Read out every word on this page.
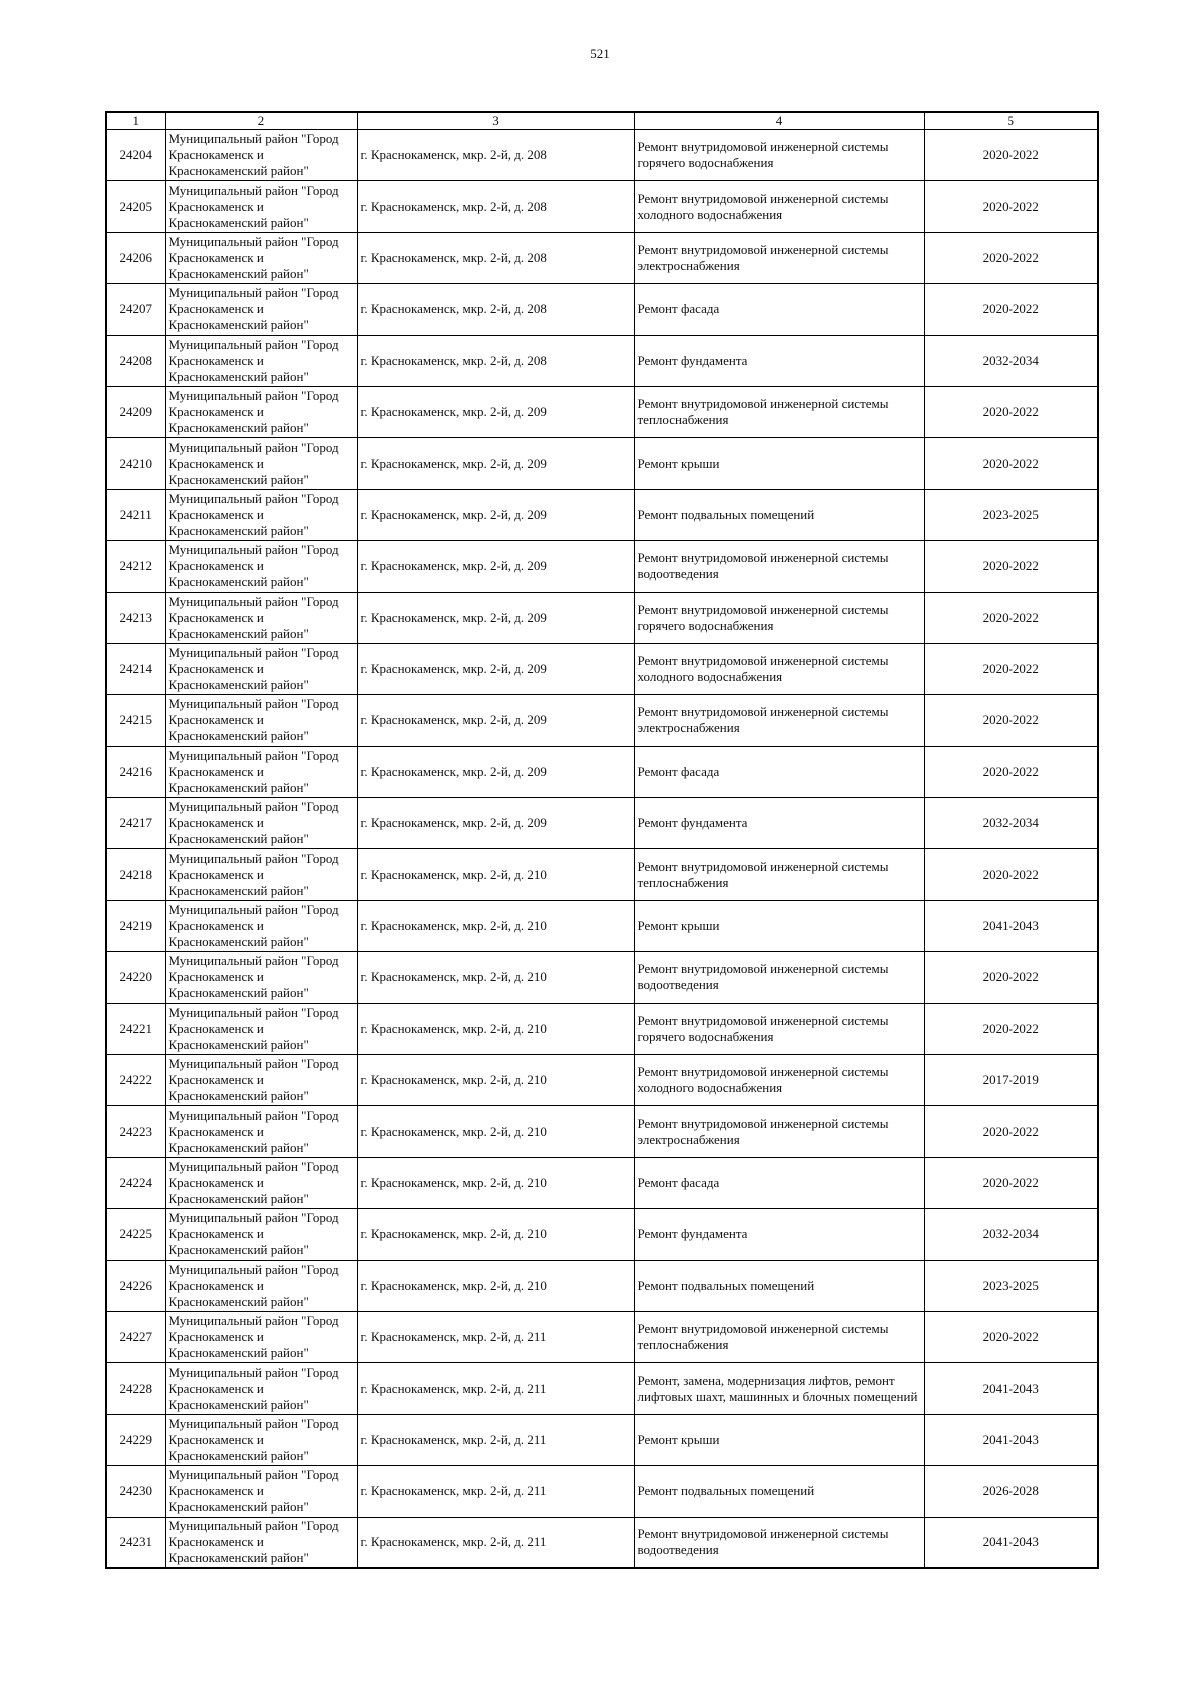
521
1	2	3	4	5
24204	Муниципальный район "Город
Краснокаменск и
Краснокаменский район"	г. Краснокаменск, мкр. 2-й, д. 208	Ремонт внутридомовой инженерной системы
горячего водоснабжения	2020-2022
24205	Муниципальный район "Город
Краснокаменск и
Краснокаменский район"	г. Краснокаменск, мкр. 2-й, д. 208	Ремонт внутридомовой инженерной системы
холодного водоснабжения	2020-2022
24206	Муниципальный район "Город
Краснокаменск и
Краснокаменский район"	г. Краснокаменск, мкр. 2-й, д. 208	Ремонт внутридомовой инженерной системы
электроснабжения	2020-2022
24207	Муниципальный район "Город
Краснокаменск и
Краснокаменский район"	г. Краснокаменск, мкр. 2-й, д. 208	Ремонт фасада	2020-2022
24208	Муниципальный район "Город
Краснокаменск и
Краснокаменский район"	г. Краснокаменск, мкр. 2-й, д. 208	Ремонт фундамента	2032-2034
24209	Муниципальный район "Город
Краснокаменск и
Краснокаменский район"	г. Краснокаменск, мкр. 2-й, д. 209	Ремонт внутридомовой инженерной системы
теплоснабжения	2020-2022
24210	Муниципальный район "Город
Краснокаменск и
Краснокаменский район"	г. Краснокаменск, мкр. 2-й, д. 209	Ремонт крыши	2020-2022
24211	Муниципальный район "Город
Краснокаменск и
Краснокаменский район"	г. Краснокаменск, мкр. 2-й, д. 209	Ремонт подвальных помещений	2023-2025
24212	Муниципальный район "Город
Краснокаменск и
Краснокаменский район"	г. Краснокаменск, мкр. 2-й, д. 209	Ремонт внутридомовой инженерной системы
водоотведения	2020-2022
24213	Муниципальный район "Город
Краснокаменск и
Краснокаменский район"	г. Краснокаменск, мкр. 2-й, д. 209	Ремонт внутридомовой инженерной системы
горячего водоснабжения	2020-2022
24214	Муниципальный район "Город
Краснокаменск и
Краснокаменский район"	г. Краснокаменск, мкр. 2-й, д. 209	Ремонт внутридомовой инженерной системы
холодного водоснабжения	2020-2022
24215	Муниципальный район "Город
Краснокаменск и
Краснокаменский район"	г. Краснокаменск, мкр. 2-й, д. 209	Ремонт внутридомовой инженерной системы
электроснабжения	2020-2022
24216	Муниципальный район "Город
Краснокаменск и
Краснокаменский район"	г. Краснокаменск, мкр. 2-й, д. 209	Ремонт фасада	2020-2022
24217	Муниципальный район "Город
Краснокаменск и
Краснокаменский район"	г. Краснокаменск, мкр. 2-й, д. 209	Ремонт фундамента	2032-2034
24218	Муниципальный район "Город
Краснокаменск и
Краснокаменский район"	г. Краснокаменск, мкр. 2-й, д. 210	Ремонт внутридомовой инженерной системы
теплоснабжения	2020-2022
24219	Муниципальный район "Город
Краснокаменск и
Краснокаменский район"	г. Краснокаменск, мкр. 2-й, д. 210	Ремонт крыши	2041-2043
24220	Муниципальный район "Город
Краснокаменск и
Краснокаменский район"	г. Краснокаменск, мкр. 2-й, д. 210	Ремонт внутридомовой инженерной системы
водоотведения	2020-2022
24221	Муниципальный район "Город
Краснокаменск и
Краснокаменский район"	г. Краснокаменск, мкр. 2-й, д. 210	Ремонт внутридомовой инженерной системы
горячего водоснабжения	2020-2022
24222	Муниципальный район "Город
Краснокаменск и
Краснокаменский район"	г. Краснокаменск, мкр. 2-й, д. 210	Ремонт внутридомовой инженерной системы
холодного водоснабжения	2017-2019
24223	Муниципальный район "Город
Краснокаменск и
Краснокаменский район"	г. Краснокаменск, мкр. 2-й, д. 210	Ремонт внутридомовой инженерной системы
электроснабжения	2020-2022
24224	Муниципальный район "Город
Краснокаменск и
Краснокаменский район"	г. Краснокаменск, мкр. 2-й, д. 210	Ремонт фасада	2020-2022
24225	Муниципальный район "Город
Краснокаменск и
Краснокаменский район"	г. Краснокаменск, мкр. 2-й, д. 210	Ремонт фундамента	2032-2034
24226	Муниципальный район "Город
Краснокаменск и
Краснокаменский район"	г. Краснокаменск, мкр. 2-й, д. 210	Ремонт подвальных помещений	2023-2025
24227	Муниципальный район "Город
Краснокаменск и
Краснокаменский район"	г. Краснокаменск, мкр. 2-й, д. 211	Ремонт внутридомовой инженерной системы
теплоснабжения	2020-2022
24228	Муниципальный район "Город
Краснокаменск и
Краснокаменский район"	г. Краснокаменск, мкр. 2-й, д. 211	Ремонт, замена, модернизация лифтов, ремонт
лифтовых шахт, машинных и блочных помещений	2041-2043
24229	Муниципальный район "Город
Краснокаменск и
Краснокаменский район"	г. Краснокаменск, мкр. 2-й, д. 211	Ремонт крыши	2041-2043
24230	Муниципальный район "Город
Краснокаменск и
Краснокаменский район"	г. Краснокаменск, мкр. 2-й, д. 211	Ремонт подвальных помещений	2026-2028
24231	Муниципальный район "Город
Краснокаменск и
Краснокаменский район"	г. Краснокаменск, мкр. 2-й, д. 211	Ремонт внутридомовой инженерной системы
водоотведения	2041-2043
